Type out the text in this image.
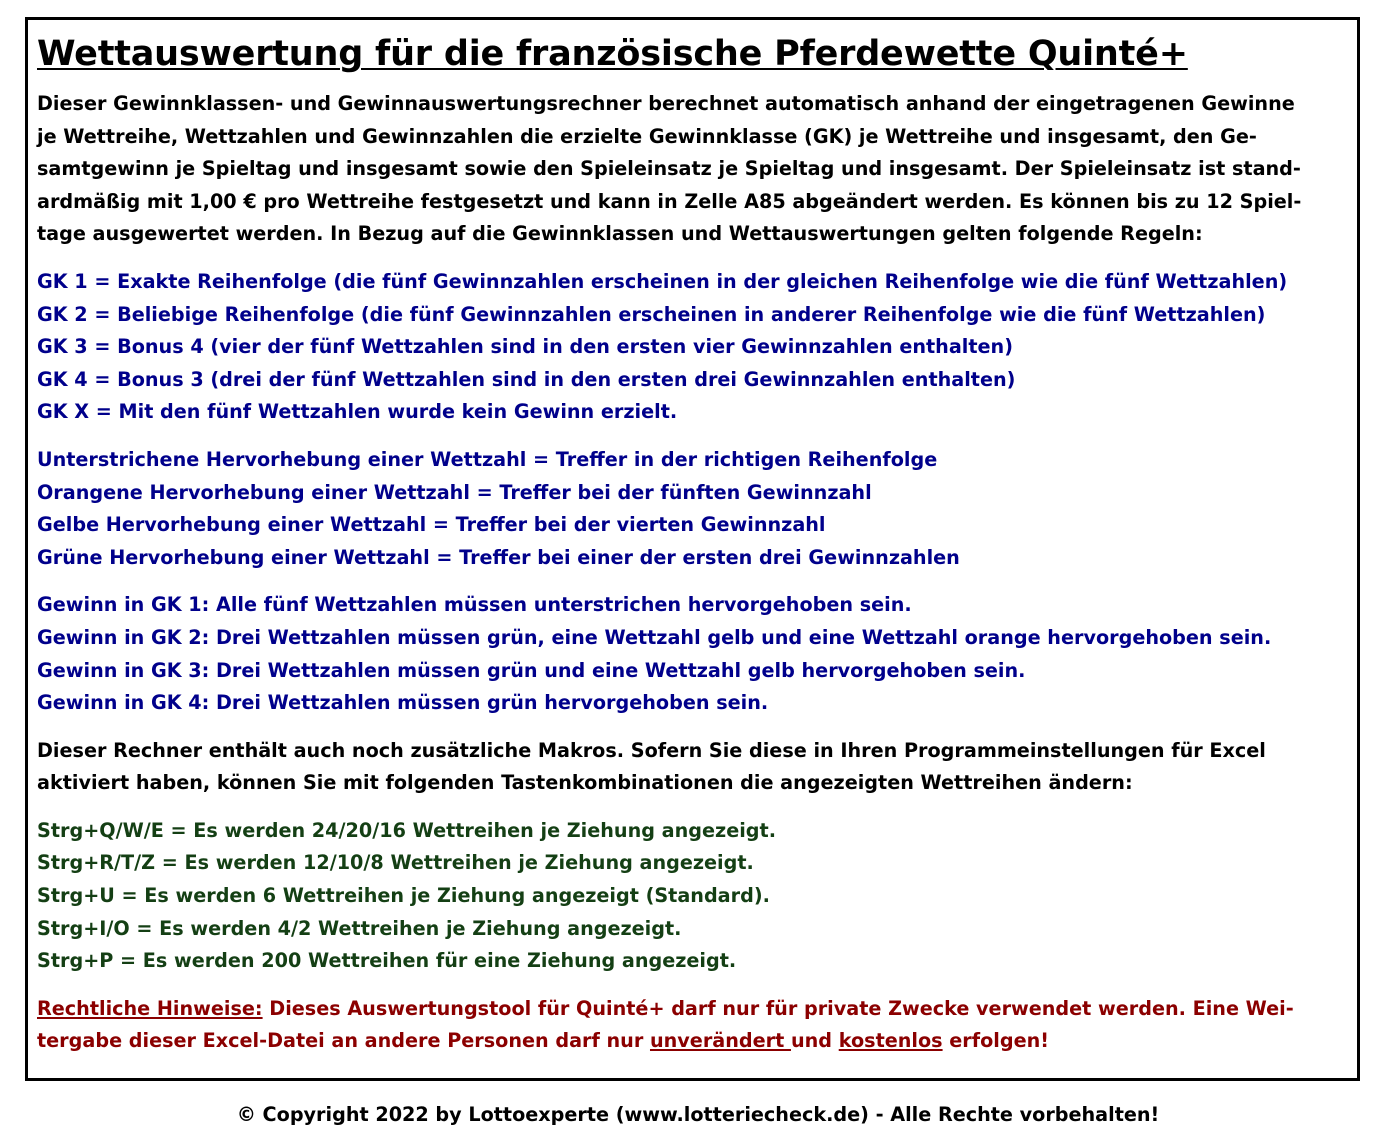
Wettauswertung für die französische Pferdewette Quinté+
Dieser Gewinnklassen- und Gewinnauswertungsrechner berechnet automatisch anhand der eingetragenen Gewinne
je Wettreihe, Wettzahlen und Gewinnzahlen die erzielte Gewinnklasse (GK) je Wettreihe und insgesamt, den Ge-
samtgewinn je Spieltag und insgesamt sowie den Spieleinsatz je Spieltag und insgesamt. Der Spieleinsatz ist stand-
ardmäßig mit 1,00 € pro Wettreihe festgesetzt und kann in Zelle A85 abgeändert werden. Es können bis zu 12 Spiel-
tage ausgewertet werden. In Bezug auf die Gewinnklassen und Wettauswertungen gelten folgende Regeln:
GK 1 = Exakte Reihenfolge (die fünf Gewinnzahlen erscheinen in der gleichen Reihenfolge wie die fünf Wettzahlen)
GK 2 = Beliebige Reihenfolge (die fünf Gewinnzahlen erscheinen in anderer Reihenfolge wie die fünf Wettzahlen)
GK 3 = Bonus 4 (vier der fünf Wettzahlen sind in den ersten vier Gewinnzahlen enthalten)
GK 4 = Bonus 3 (drei der fünf Wettzahlen sind in den ersten drei Gewinnzahlen enthalten)
GK X = Mit den fünf Wettzahlen wurde kein Gewinn erzielt.
Unterstrichene Hervorhebung einer Wettzahl = Treffer in der richtigen Reihenfolge
Orangene Hervorhebung einer Wettzahl = Treffer bei der fünften Gewinnzahl
Gelbe Hervorhebung einer Wettzahl = Treffer bei der vierten Gewinnzahl
Grüne Hervorhebung einer Wettzahl = Treffer bei einer der ersten drei Gewinnzahlen
Gewinn in GK 1: Alle fünf Wettzahlen müssen unterstrichen hervorgehoben sein.
Gewinn in GK 2: Drei Wettzahlen müssen grün, eine Wettzahl gelb und eine Wettzahl orange hervorgehoben sein.
Gewinn in GK 3: Drei Wettzahlen müssen grün und eine Wettzahl gelb hervorgehoben sein.
Gewinn in GK 4: Drei Wettzahlen müssen grün hervorgehoben sein.
Dieser Rechner enthält auch noch zusätzliche Makros. Sofern Sie diese in Ihren Programmeinstellungen für Excel
aktiviert haben, können Sie mit folgenden Tastenkombinationen die angezeigten Wettreihen ändern:
Strg+Q/W/E = Es werden 24/20/16 Wettreihen je Ziehung angezeigt.
Strg+R/T/Z = Es werden 12/10/8 Wettreihen je Ziehung angezeigt.
Strg+U = Es werden 6 Wettreihen je Ziehung angezeigt (Standard).
Strg+I/O = Es werden 4/2 Wettreihen je Ziehung angezeigt.
Strg+P = Es werden 200 Wettreihen für eine Ziehung angezeigt.
Rechtliche Hinweise: Dieses Auswertungstool für Quinté+ darf nur für private Zwecke verwendet werden. Eine Wei-
tergabe dieser Excel-Datei an andere Personen darf nur unverändert und kostenlos erfolgen!
© Copyright 2022 by Lottoexperte (www.lotteriecheck.de) - Alle Rechte vorbehalten!
